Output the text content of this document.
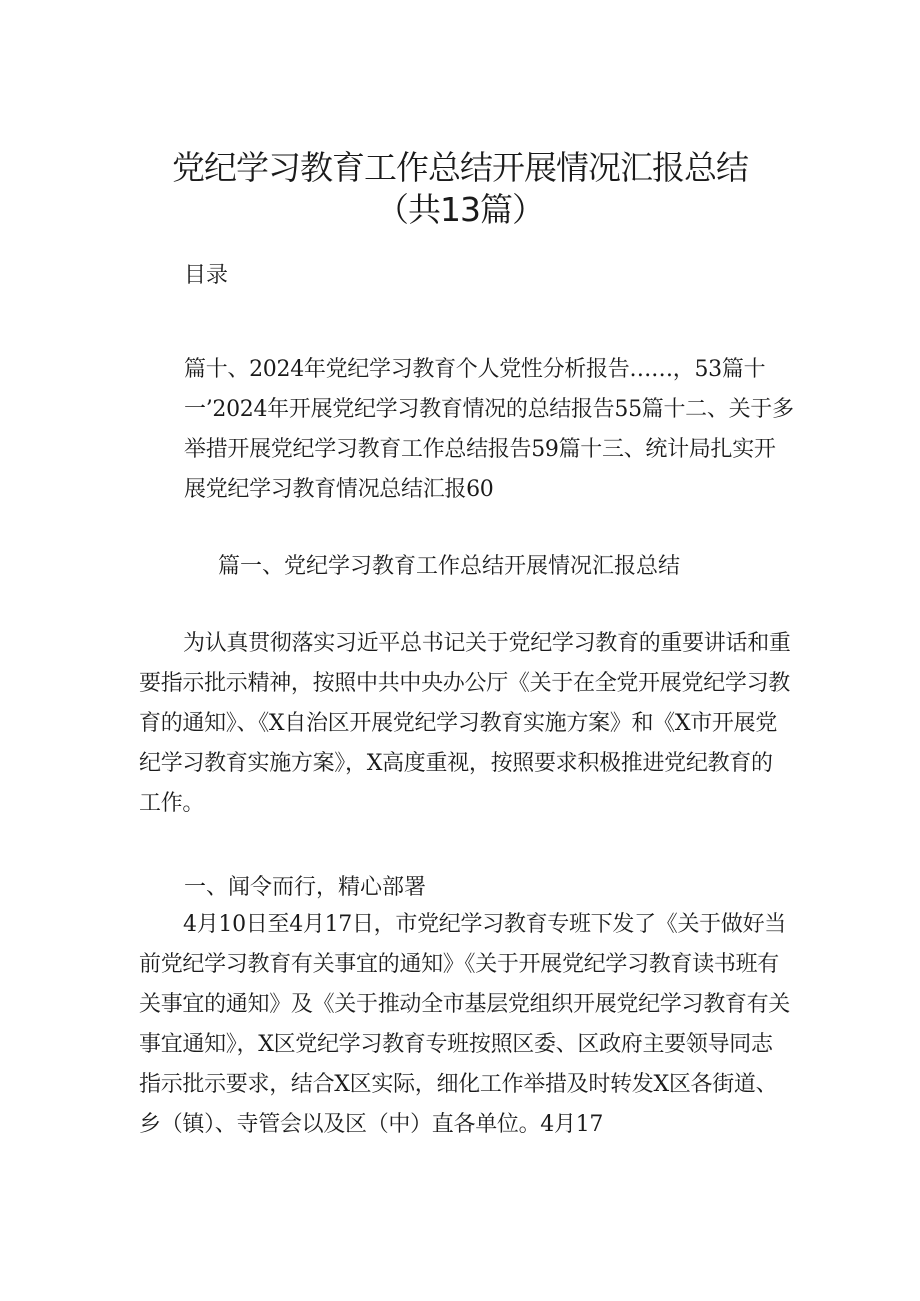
党纪学习教育工作总结开展情况汇报总结
（共13篇）
目录
篇十、2024年党纪学习教育个人党性分析报告……，53篇十一’2024年开展党纪学习教育情况的总结报告55篇十二、关于多举措开展党纪学习教育工作总结报告59篇十三、统计局扎实开展党纪学习教育情况总结汇报60
篇一、党纪学习教育工作总结开展情况汇报总结

为认真贯彻落实习近平总书记关于党纪学习教育的重要讲话和重要指示批示精神，按照中共中央办公厅《关于在全党开展党纪学习教育的通知》、《X自治区开展党纪学习教育实施方案》和《X市开展党纪学习教育实施方案》，X高度重视，按照要求积极推进党纪教育的工作。

一、闻令而行，精心部署

4月10日至4月17日，市党纪学习教育专班下发了《关于做好当前党纪学习教育有关事宜的通知》《关于开展党纪学习教育读书班有关事宜的通知》及《关于推动全市基层党组织开展党纪学习教育有关事宜通知》，X区党纪学习教育专班按照区委、区政府主要领导同志指示批示要求，结合X区实际，细化工作举措及时转发X区各街道、乡（镇）、寺管会以及区（中）直各单位。4月17
